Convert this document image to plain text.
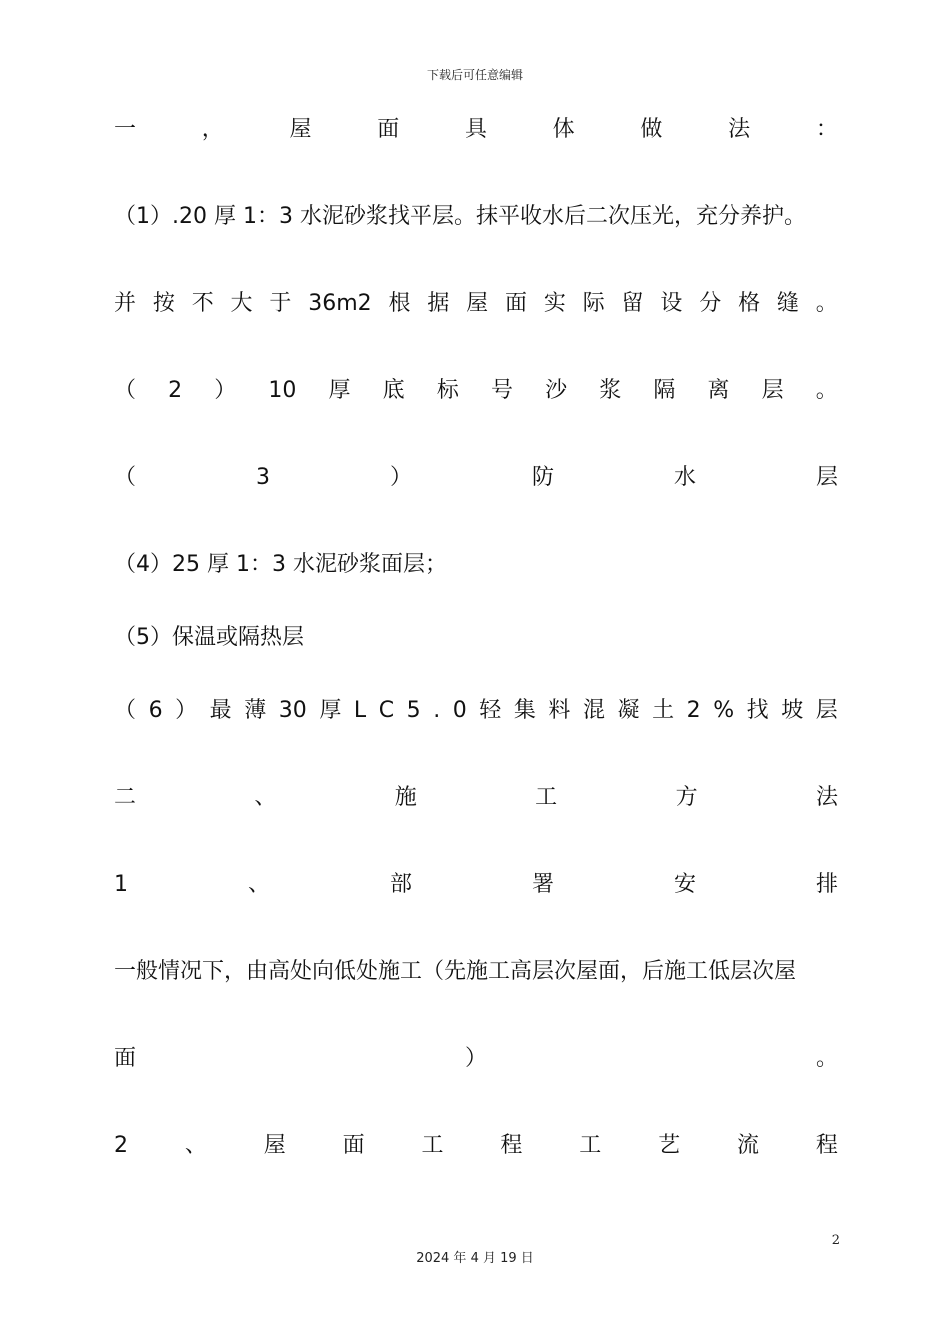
下载后可任意编辑
一	，	屋	面	具	体	做	法	：
（1）.20 厚 1：3 水泥砂浆找平层。抹平收水后二次压光，充分养护。
并 按 不 大 于 36m2 根 据 屋 面 实 际 留 设 分 格 缝 。
（ 2 ） 10 厚 底 标 号 沙 浆 隔 离 层 。
（	3	）	防	水	层
（4）25 厚 1：3 水泥砂浆面层；
（5）保温或隔热层
（ 6 ） 最 薄 30 厚 L C 5 . 0 轻 集 料 混 凝 土 2 % 找 坡 层
二	、	施	工	方	法
1	、	部	署	安	排
一般情况下，由高处向低处施工（先施工高层次屋面，后施工低层次屋
面	）	。
2	、	屋	面	工	程	工	艺	流	程
2
2024 年 4 月 19 日
